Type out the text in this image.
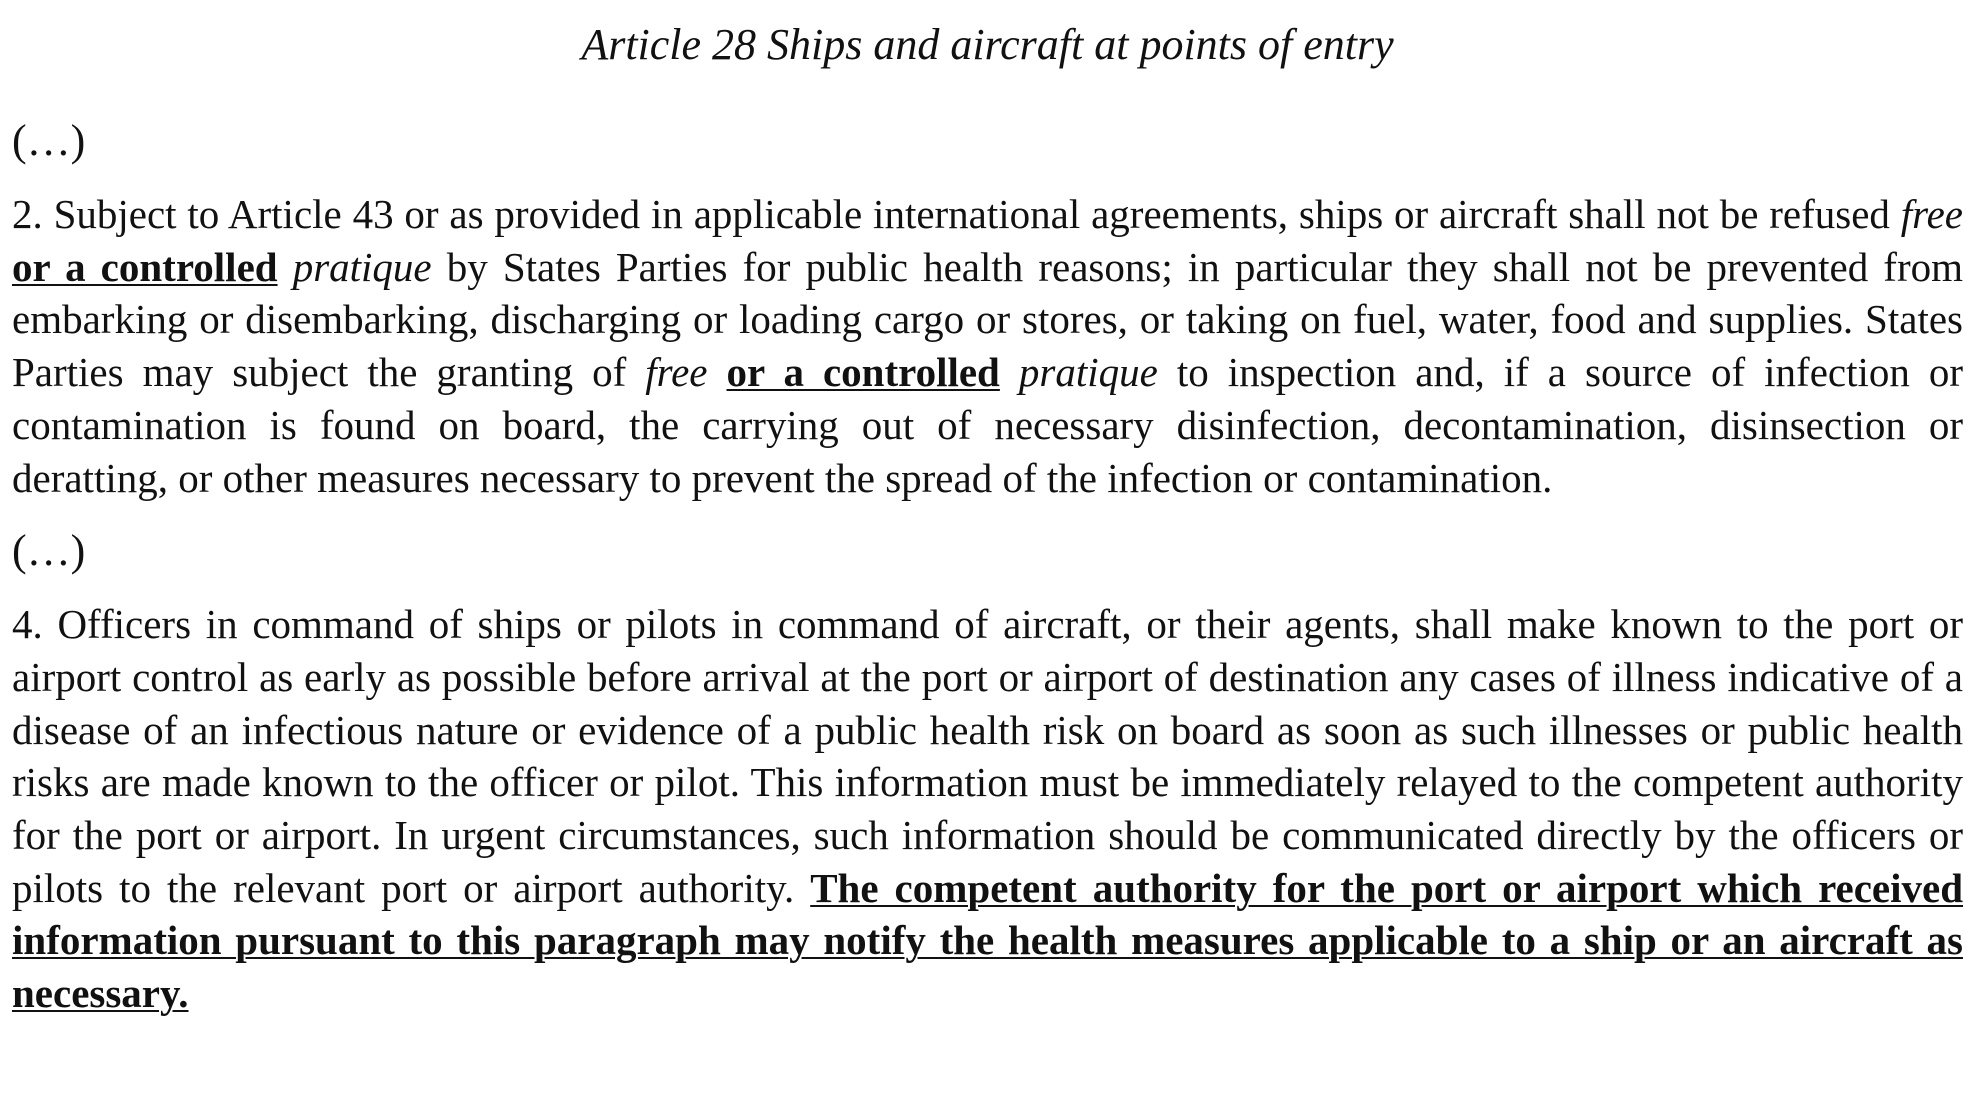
Article 28 Ships and aircraft at points of entry
(…)
2. Subject to Article 43 or as provided in applicable international agreements, ships or aircraft shall not be refused free or a controlled pratique by States Parties for public health reasons; in particular they shall not be prevented from embarking or disembarking, discharging or loading cargo or stores, or taking on fuel, water, food and supplies. States Parties may subject the granting of free or a controlled pratique to inspection and, if a source of infection or contamination is found on board, the carrying out of necessary disinfection, decontamination, disinsection or deratting, or other measures necessary to prevent the spread of the infection or contamination.
(…)
4. Officers in command of ships or pilots in command of aircraft, or their agents, shall make known to the port or airport control as early as possible before arrival at the port or airport of destination any cases of illness indicative of a disease of an infectious nature or evidence of a public health risk on board as soon as such illnesses or public health risks are made known to the officer or pilot. This information must be immediately relayed to the competent authority for the port or airport. In urgent circumstances, such information should be communicated directly by the officers or pilots to the relevant port or airport authority. The competent authority for the port or airport which received information pursuant to this paragraph may notify the health measures applicable to a ship or an aircraft as necessary.
